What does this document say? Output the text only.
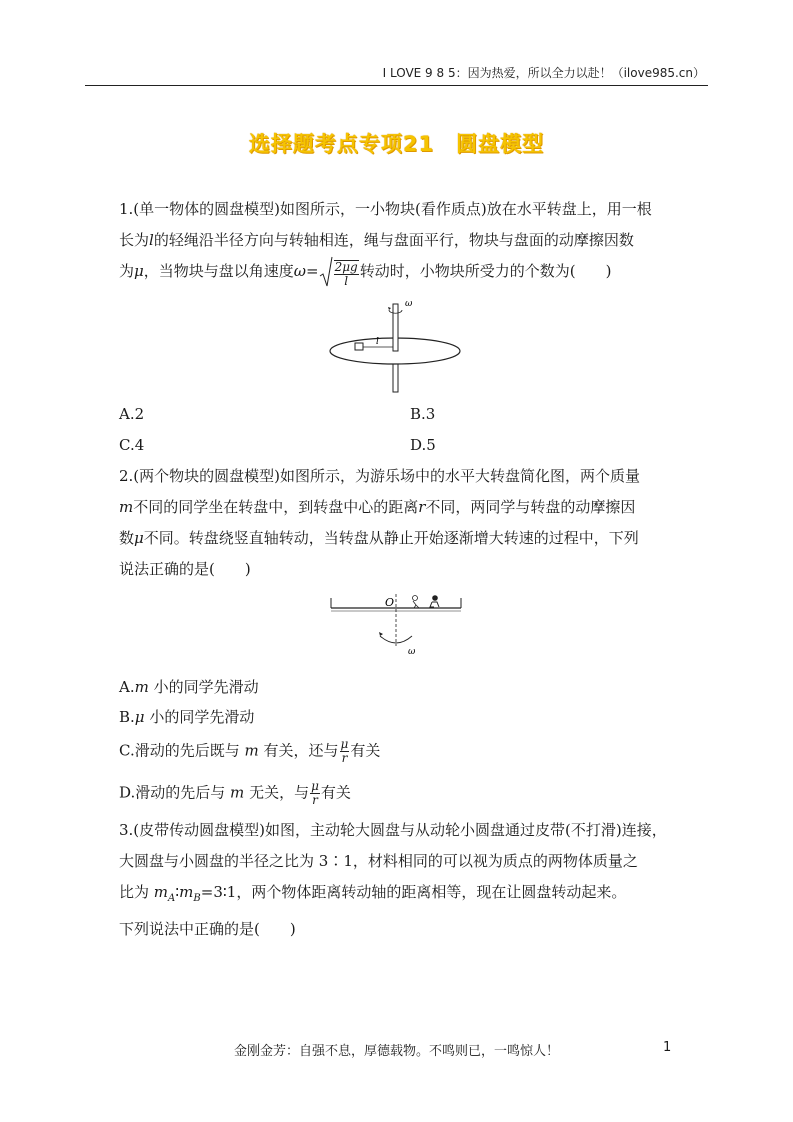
I LOVE 9 8 5：因为热爱，所以全力以赴！（ilove985.cn）
选择题考点专项21　圆盘模型
1.(单一物体的圆盘模型)如图所示，一小物块(看作质点)放在水平转盘上，用一根
长为l的轻绳沿半径方向与转轴相连，绳与盘面平行，物块与盘面的动摩擦因数
为μ，当物块与盘以角速度$\omega= \frac{2\mu g}{l}$ 转动时，小物块所受力的个数为(　　)
ω
l
A.2	B.3
C.4	D.5
2.(两个物块的圆盘模型)如图所示，为游乐场中的水平大转盘简化图，两个质量
m不同的同学坐在转盘中，到转盘中心的距离r不同，两同学与转盘的动摩擦因
数μ不同。转盘绕竖直轴转动，当转盘从静止开始逐渐增大转速的过程中，下列
说法正确的是(　　)
O
ω
A.m 小的同学先滑动
B.μ 小的同学先滑动
C.滑动的先后既与 m 有关，还与 $\frac{\mu}{r}$ 有关
D.滑动的先后与 m 无关，与 $\frac{\mu}{r}$ 有关
3.(皮带传动圆盘模型)如图，主动轮大圆盘与从动轮小圆盘通过皮带(不打滑)连接，
大圆盘与小圆盘的半径之比为 3∶1，材料相同的可以视为质点的两物体质量之
比为 $m_A∶m_B=3∶1$，两个物体距离转动轴的距离相等，现在让圆盘转动起来。
下列说法中正确的是(　　)
金刚金芳：自强不息，厚德载物。不鸣则已，一鸣惊人！	1
